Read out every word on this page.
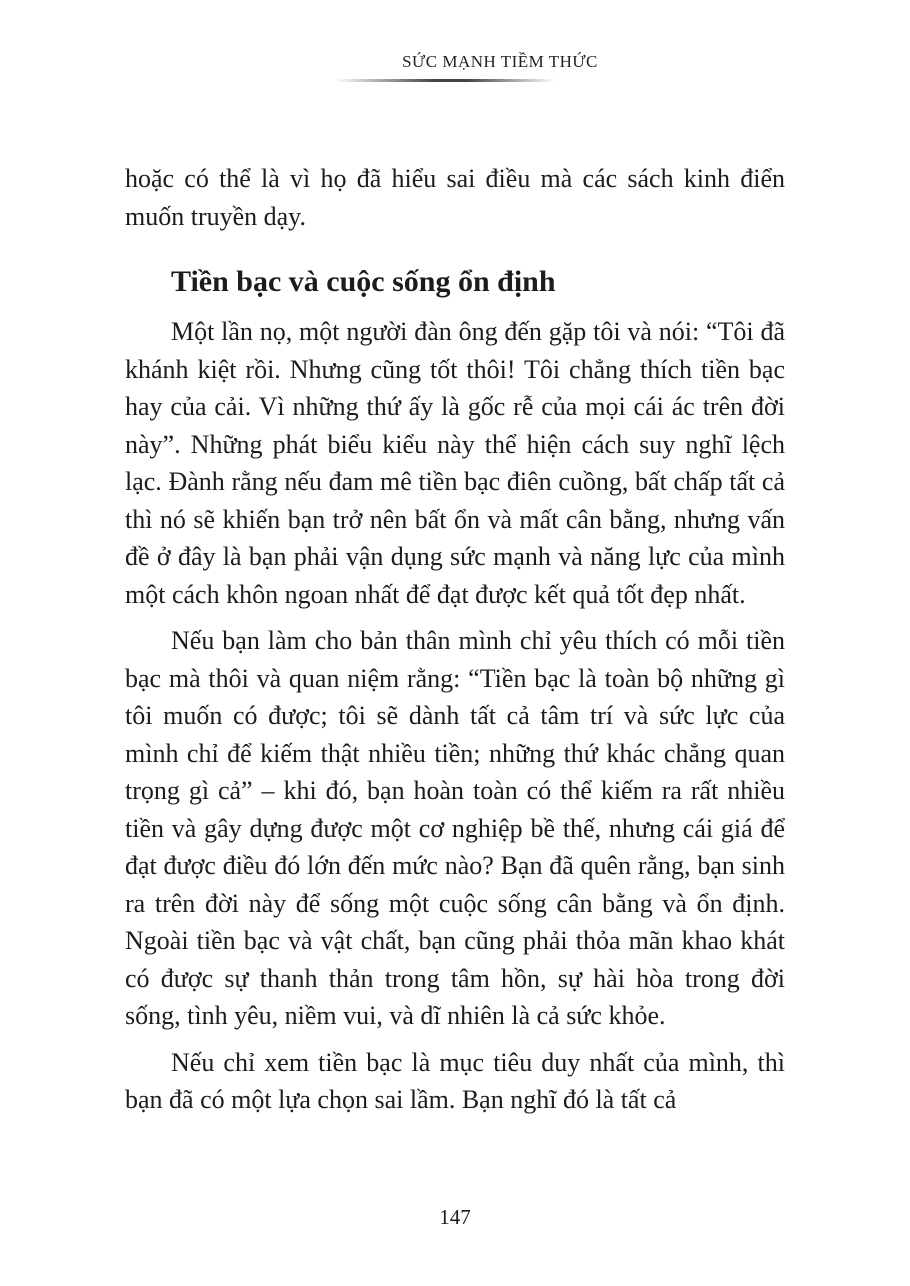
SỨC MẠNH TIỀM THỨC

hoặc có thể là vì họ đã hiểu sai điều mà các sách kinh điển muốn truyền dạy.

Tiền bạc và cuộc sống ổn định

Một lần nọ, một người đàn ông đến gặp tôi và nói: “Tôi đã khánh kiệt rồi. Nhưng cũng tốt thôi! Tôi chẳng thích tiền bạc hay của cải. Vì những thứ ấy là gốc rễ của mọi cái ác trên đời này”. Những phát biểu kiểu này thể hiện cách suy nghĩ lệch lạc. Đành rằng nếu đam mê tiền bạc điên cuồng, bất chấp tất cả thì nó sẽ khiến bạn trở nên bất ổn và mất cân bằng, nhưng vấn đề ở đây là bạn phải vận dụng sức mạnh và năng lực của mình một cách khôn ngoan nhất để đạt được kết quả tốt đẹp nhất.

Nếu bạn làm cho bản thân mình chỉ yêu thích có mỗi tiền bạc mà thôi và quan niệm rằng: “Tiền bạc là toàn bộ những gì tôi muốn có được; tôi sẽ dành tất cả tâm trí và sức lực của mình chỉ để kiếm thật nhiều tiền; những thứ khác chẳng quan trọng gì cả” – khi đó, bạn hoàn toàn có thể kiếm ra rất nhiều tiền và gây dựng được một cơ nghiệp bề thế, nhưng cái giá để đạt được điều đó lớn đến mức nào? Bạn đã quên rằng, bạn sinh ra trên đời này để sống một cuộc sống cân bằng và ổn định. Ngoài tiền bạc và vật chất, bạn cũng phải thỏa mãn khao khát có được sự thanh thản trong tâm hồn, sự hài hòa trong đời sống, tình yêu, niềm vui, và dĩ nhiên là cả sức khỏe.

Nếu chỉ xem tiền bạc là mục tiêu duy nhất của mình, thì bạn đã có một lựa chọn sai lầm. Bạn nghĩ đó là tất cả

147
